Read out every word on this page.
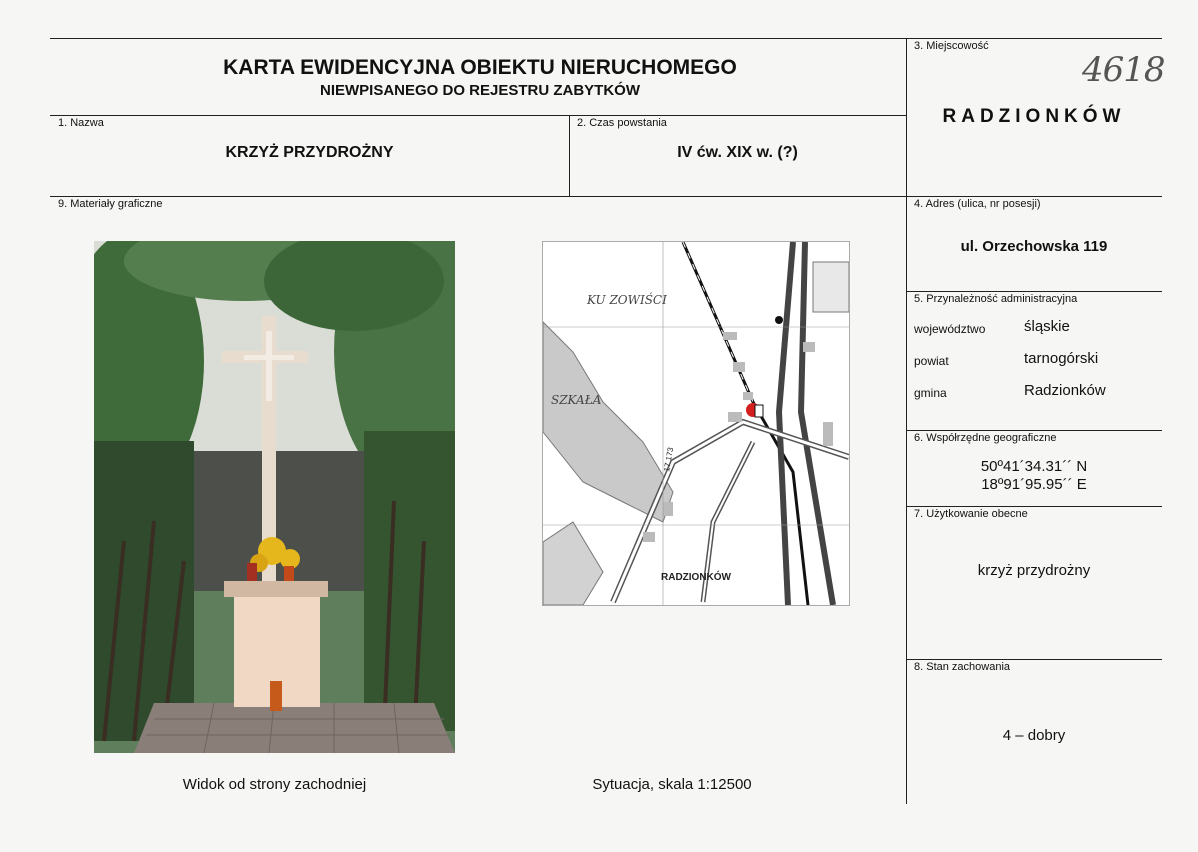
KARTA EWIDENCYJNA OBIEKTU NIERUCHOMEGO
NIEWPISANEGO DO REJESTRU ZABYTKÓW
1. Nazwa
KRZYŻ PRZYDROŻNY
2. Czas powstania
IV ćw. XIX w. (?)
3. Miejscowość
4618
RADZIONKÓW
4. Adres (ulica, nr posesji)
ul. Orzechowska 119
5. Przynależność administracyjna
województwo	śląskie
powiat	tarnogórski
gmina	Radzionków
6. Współrzędne geograficzne
50º41´34.31´´ N
18º91´95.95´´ E
7. Użytkowanie obecne
krzyż przydrożny
8. Stan zachowania
4 – dobry
9. Materiały graficzne
Widok od strony zachodniej
KU ZOWIŚCI
SZKAŁA
RADZIONKÓW
17 173
Sytuacja, skala 1:12500
